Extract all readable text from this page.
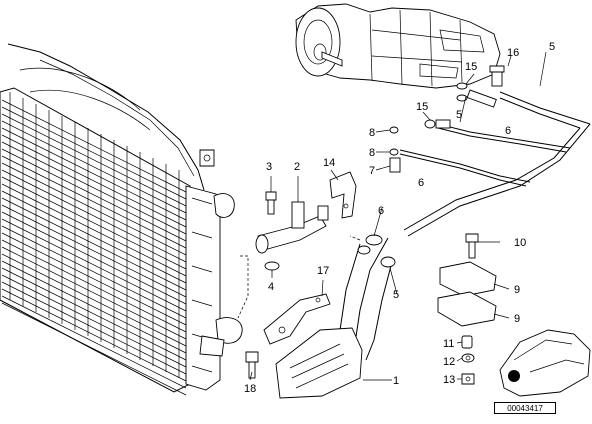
16	5
15
15
5
6
8
8
7
6
3 2 14
6
10
4
17
9
5
9
11
12
13
18
1
00043417
